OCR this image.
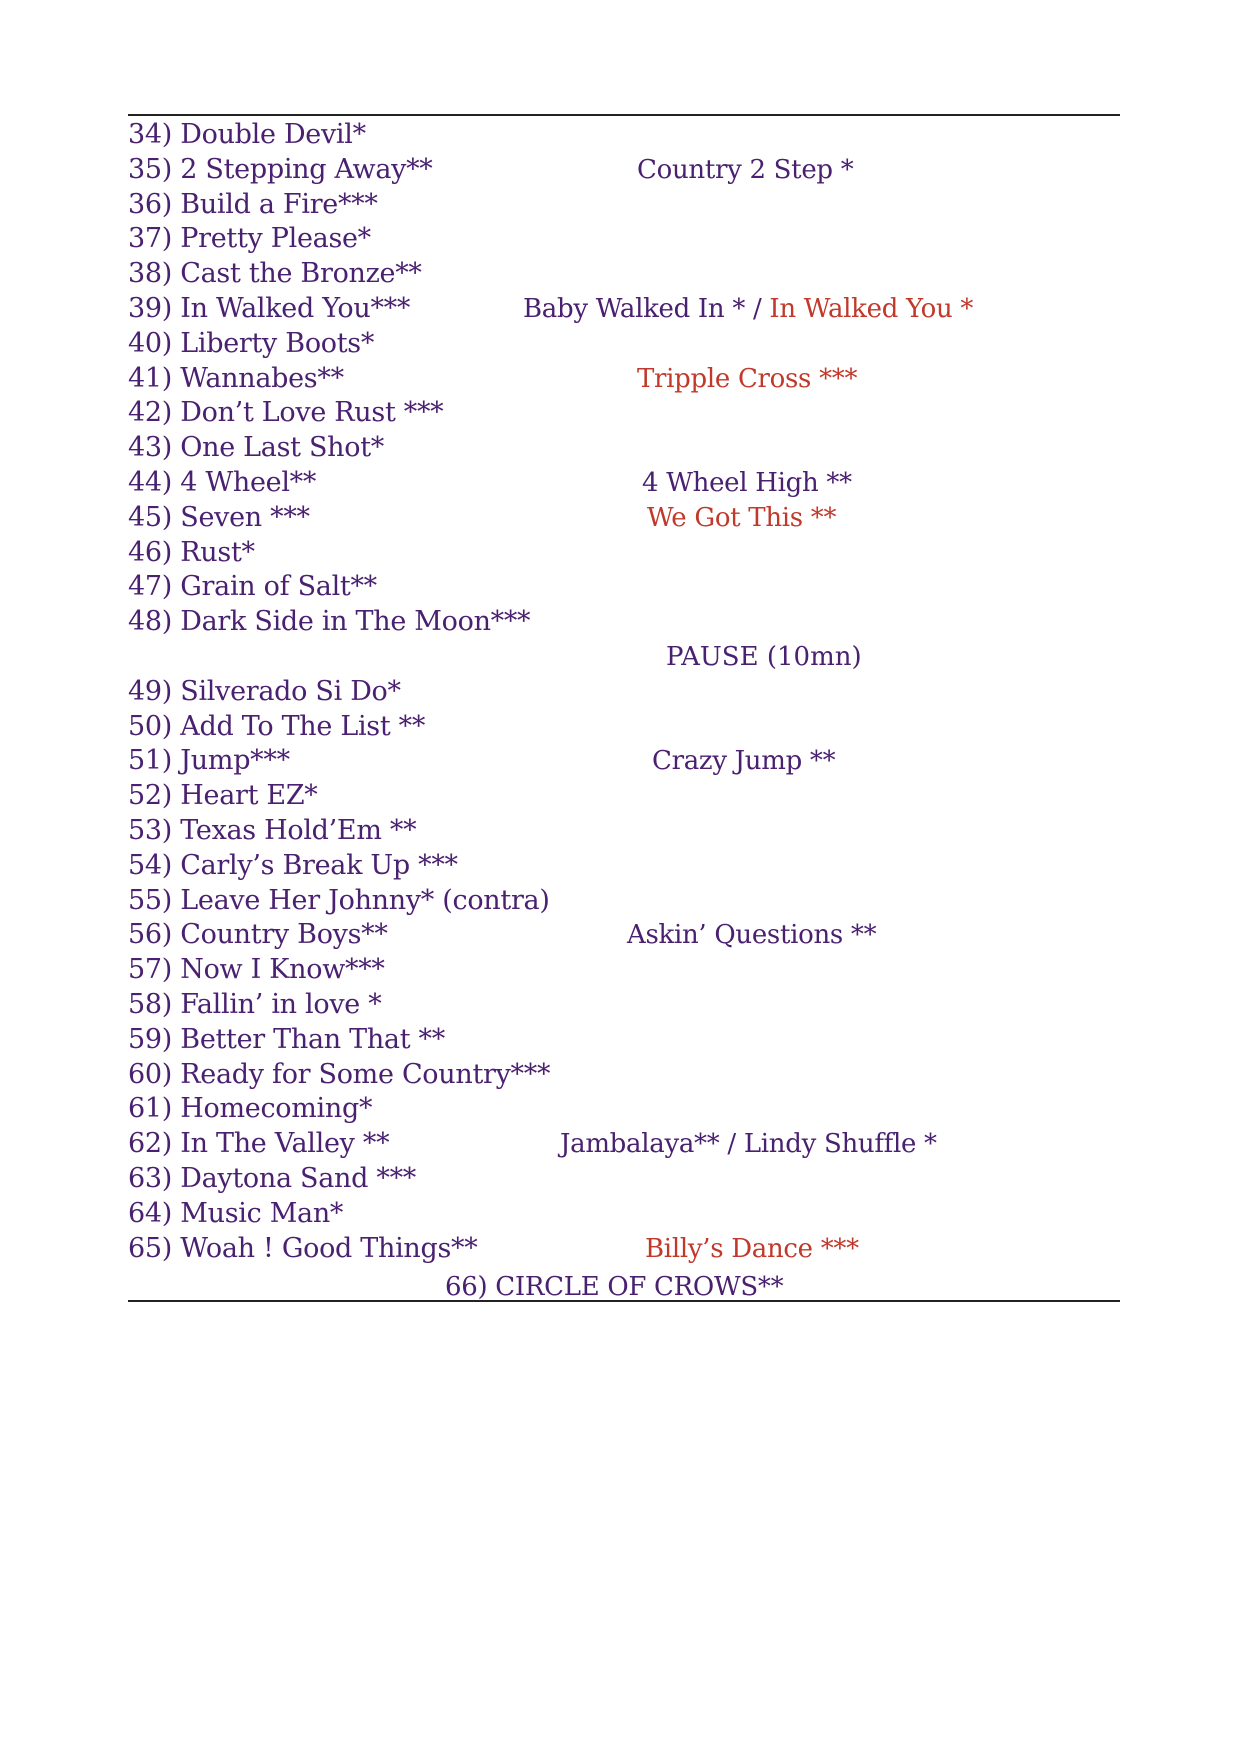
34) Double Devil*
35) 2 Stepping Away**	Country 2 Step *
36) Build a Fire***
37) Pretty Please*
38) Cast the Bronze**
39) In Walked You***	Baby Walked In * / In Walked You *
40) Liberty Boots*
41) Wannabes**	Tripple Cross ***
42) Don’t Love Rust ***
43) One Last Shot*
44) 4 Wheel**	4 Wheel High **
45) Seven ***	We Got This **
46) Rust*
47) Grain of Salt**
48) Dark Side in The Moon***
PAUSE (10mn)
49) Silverado Si Do*
50) Add To The List **
51) Jump***	Crazy Jump **
52) Heart EZ*
53) Texas Hold’Em **
54) Carly’s Break Up ***
55) Leave Her Johnny* (contra)
56) Country Boys**	Askin’ Questions **
57) Now I Know***
58) Fallin’ in love *
59) Better Than That **
60) Ready for Some Country***
61) Homecoming*
62) In The Valley **	Jambalaya** / Lindy Shuffle *
63) Daytona Sand ***
64) Music Man*
65) Woah ! Good Things**	Billy’s Dance ***
66) CIRCLE OF CROWS**
